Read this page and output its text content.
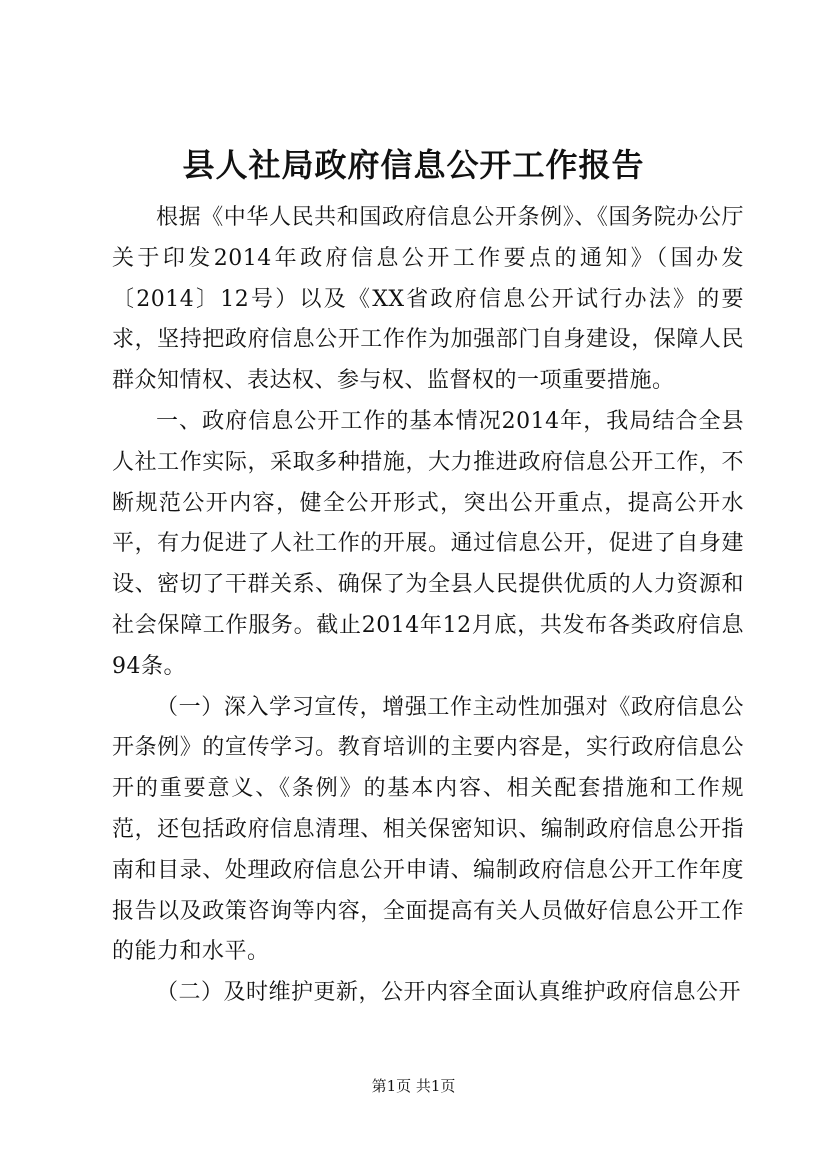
县人社局政府信息公开工作报告

根据《中华人民共和国政府信息公开条例》、《国务院办公厅关于印发2014年政府信息公开工作要点的通知》（国办发〔2014〕12号）以及《XX省政府信息公开试行办法》的要求，坚持把政府信息公开工作作为加强部门自身建设，保障人民群众知情权、表达权、参与权、监督权的一项重要措施。

一、政府信息公开工作的基本情况2014年，我局结合全县人社工作实际，采取多种措施，大力推进政府信息公开工作，不断规范公开内容，健全公开形式，突出公开重点，提高公开水平，有力促进了人社工作的开展。通过信息公开，促进了自身建设、密切了干群关系、确保了为全县人民提供优质的人力资源和社会保障工作服务。截止2014年12月底，共发布各类政府信息94条。

（一）深入学习宣传，增强工作主动性加强对《政府信息公开条例》的宣传学习。教育培训的主要内容是，实行政府信息公开的重要意义、《条例》的基本内容、相关配套措施和工作规范，还包括政府信息清理、相关保密知识、编制政府信息公开指南和目录、处理政府信息公开申请、编制政府信息公开工作年度报告以及政策咨询等内容，全面提高有关人员做好信息公开工作的能力和水平。

（二）及时维护更新，公开内容全面认真维护政府信息公开

第1页 共1页
